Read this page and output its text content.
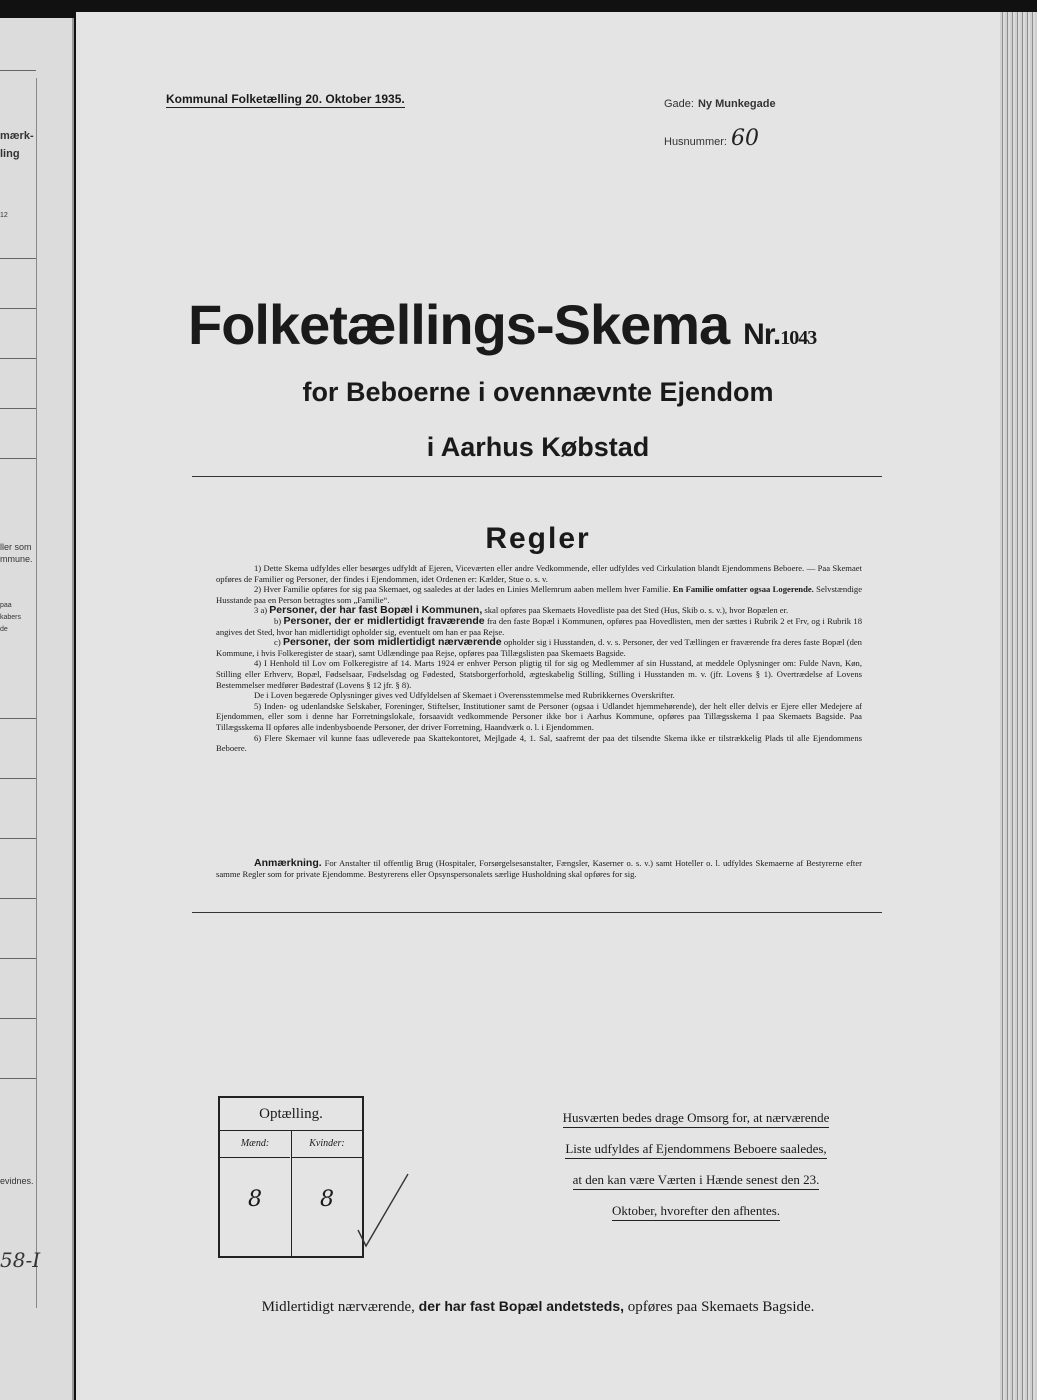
mærk-
ling
12
ller som
mmune.
paa
kabers
de
evidnes.
58-I
Kommunal Folketælling 20. Oktober 1935.	Gade: Ny Munkegade
Husnummer: 60
Folketællings-Skema Nr.1043
for Beboerne i ovennævnte Ejendom
i Aarhus Købstad
Regler

1) Dette Skema udfyldes eller besørges udfyldt af Ejeren, Viceværten eller andre Vedkommende, eller udfyldes ved Cirkulation blandt Ejendommens Beboere. — Paa Skemaet opføres de Familier og Personer, der findes i Ejendommen, idet Ordenen er: Kælder, Stue o. s. v.

2) Hver Familie opføres for sig paa Skemaet, og saaledes at der lades en Linies Mellemrum aaben mellem hver Familie. En Familie omfatter ogsaa Logerende. Selvstændige Husstande paa en Person betragtes som „Familie“.

3 a) Personer, der har fast Bopæl i Kommunen, skal opføres paa Skemaets Hovedliste paa det Sted (Hus, Skib o. s. v.), hvor Bopælen er.

b) Personer, der er midlertidigt fraværende fra den faste Bopæl i Kommunen, opføres paa Hovedlisten, men der sættes i Rubrik 2 et Frv, og i Rubrik 18 angives det Sted, hvor han midlertidigt opholder sig, eventuelt om han er paa Rejse.

c) Personer, der som midlertidigt nærværende opholder sig i Husstanden, d. v. s. Personer, der ved Tællingen er fraværende fra deres faste Bopæl (den Kommune, i hvis Folkeregister de staar), samt Udlændinge paa Rejse, opføres paa Tillægslisten paa Skemaets Bagside.

4) I Henhold til Lov om Folkeregistre af 14. Marts 1924 er enhver Person pligtig til for sig og Medlemmer af sin Husstand, at meddele Oplysninger om: Fulde Navn, Køn, Stilling eller Erhverv, Bopæl, Fødselsaar, Fødselsdag og Fødested, Statsborgerforhold, ægteskabelig Stilling, Stilling i Husstanden m. v. (jfr. Lovens § 1). Overtrædelse af Lovens Bestemmelser medfører Bødestraf (Lovens § 12 jfr. § 8).

De i Loven begærede Oplysninger gives ved Udfyldelsen af Skemaet i Overensstemmelse med Rubrikkernes Overskrifter.

5) Inden- og udenlandske Selskaber, Foreninger, Stiftelser, Institutioner samt de Personer (ogsaa i Udlandet hjemmehørende), der helt eller delvis er Ejere eller Medejere af Ejendommen, eller som i denne har Forretningslokale, forsaavidt vedkommende Personer ikke bor i Aarhus Kommune, opføres paa Tillægsskema I paa Skemaets Bagside. Paa Tillægsskema II opføres alle indenbysboende Personer, der driver Forretning, Haandværk o. l. i Ejendommen.

6) Flere Skemaer vil kunne faas udleverede paa Skattekontoret, Mejlgade 4, 1. Sal, saafremt der paa det tilsendte Skema ikke er tilstrækkelig Plads til alle Ejendommens Beboere.

Anmærkning. For Anstalter til offentlig Brug (Hospitaler, Forsørgelsesanstalter, Fængsler, Kaserner o. s. v.) samt Hoteller o. l. udfyldes Skemaerne af Bestyrerne efter samme Regler som for private Ejendomme. Bestyrerens eller Opsynspersonalets særlige Husholdning skal opføres for sig.
Optælling.
Mænd:
8
Kvinder:
8
Husværten bedes drage Omsorg for, at nærværende
Liste udfyldes af Ejendommens Beboere saaledes,
at den kan være Værten i Hænde senest den 23.
Oktober, hvorefter den afhentes.
Midlertidigt nærværende, der har fast Bopæl andetsteds, opføres paa Skemaets Bagside.
